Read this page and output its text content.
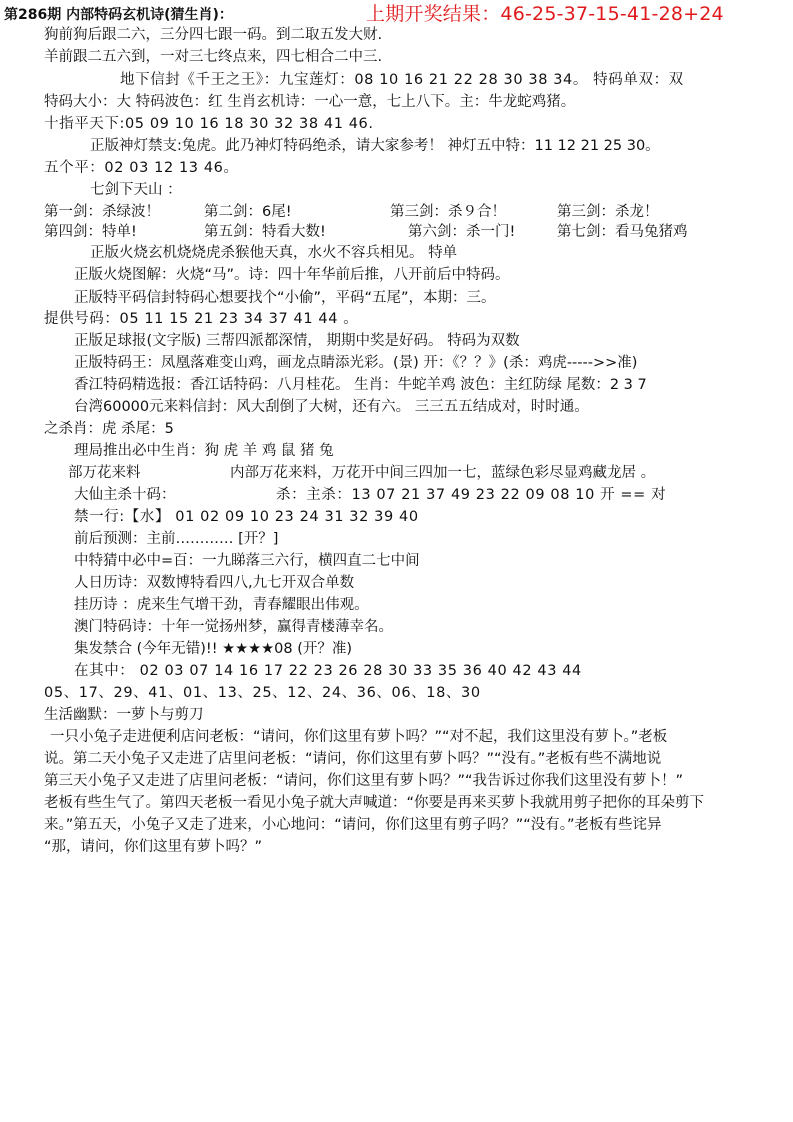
第286期 内部特码玄机诗(猜生肖)：	上期开奖结果：46-25-37-15-41-28+24
狗前狗后跟二六，三分四七跟一码。到二取五发大财.
羊前跟二五六到，一对三七终点来，四七相合二中三.
地下信封《千王之王》：九宝莲灯：08 10 16 21 22 28 30 38 34。 特码单双：双
特码大小：大 特码波色：红 生肖玄机诗：一心一意，七上八下。主：牛龙蛇鸡猪。
十指平天下:05 09 10 16 18 30 32 38 41 46.
正版神灯禁支:兔虎。此乃神灯特码绝杀，请大家参考！ 神灯五中特：11 12 21 25 30。
五个平：02 03 12 13 46。
七剑下天山 ：
第一剑：杀绿波！	第二剑：6尾!	第三剑：杀９合！	第三剑：杀龙！
第四剑：特单!	第五剑：特看大数!	第六剑：杀一门!	第七剑：看马兔猪鸡
正版火烧玄机烧烧虎杀猴他天真，水火不容兵相见。 特单
正版火烧图解：火烧“马”。诗：四十年华前后推，八开前后中特码。
正版特平码信封特码心想要找个“小偷”，平码“五尾”，本期：三。
提供号码：05 11 15 21 23 34 37 41 44 。
正版足球报(文字版) 三帮四派都深情， 期期中奖是好码。 特码为双数
正版特码王：凤凰落难变山鸡，画龙点睛添光彩。(景) 开：《？？》(杀：鸡虎----->>准)
香江特码精选报：香江话特码：八月桂花。 生肖：牛蛇羊鸡 波色：主红防绿 尾数：2 3 7
台湾60000元来料信封：风大刮倒了大树，还有六。 三三五五结成对，时时通。
之杀肖：虎 杀尾：5
理局推出必中生肖：狗 虎 羊 鸡 鼠 猪 兔
部万花来料	内部万花来料，万花开中间三四加一七，蓝绿色彩尽显鸡藏龙居 。
大仙主杀十码：	杀：主杀：13 07 21 37 49 23 22 09 08 10 开 == 对
禁一行:【水】 01 02 09 10 23 24 31 32 39 40
前后预测：主前………… [开？]
中特猜中必中=百：一九睇落三六行，横四直二七中间
人日历诗：双数博特看四八,九七开双合单数
挂历诗 ：虎来生气增干劲，青春耀眼出伟观。
澳门特码诗：十年一觉扬州梦，赢得青楼薄幸名。
集发禁合 (今年无错)!! ★★★★08 (开？准)
在其中： 02 03 07 14 16 17 22 23 26 28 30 33 35 36 40 42 43 44
05、17、29、41、01、13、25、12、24、36、06、18、30
生活幽默：一萝卜与剪刀
一只小兔子走进便利店问老板：“请问，你们这里有萝卜吗？”“对不起，我们这里没有萝卜。”老板
说。第二天小兔子又走进了店里问老板：“请问，你们这里有萝卜吗？”“没有。”老板有些不满地说
第三天小兔子又走进了店里问老板：“请问，你们这里有萝卜吗？”“我告诉过你我们这里没有萝卜！”
老板有些生气了。第四天老板一看见小兔子就大声喊道：“你要是再来买萝卜我就用剪子把你的耳朵剪下
来。”第五天，小兔子又走了进来，小心地问：“请问，你们这里有剪子吗？”“没有。”老板有些诧异
“那，请问，你们这里有萝卜吗？”
